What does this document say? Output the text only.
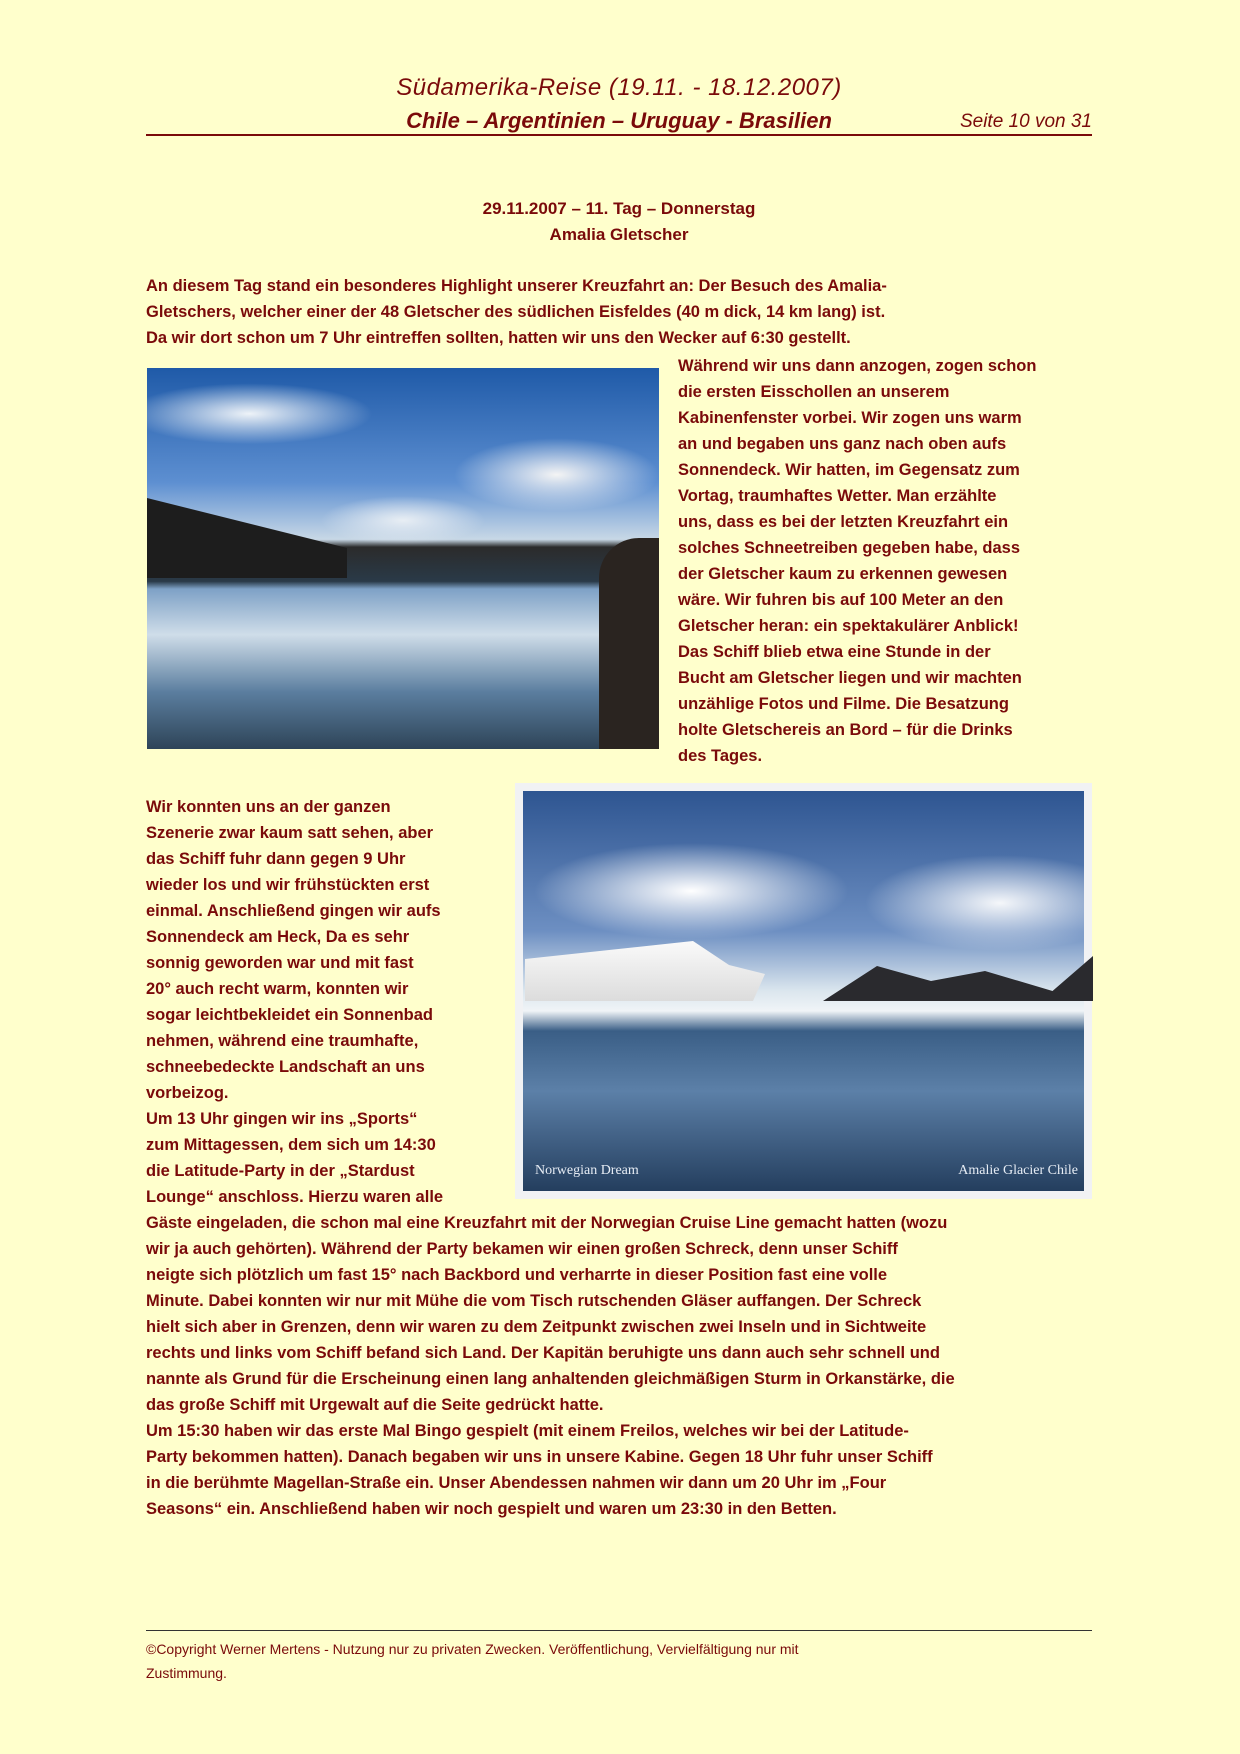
Südamerika-Reise (19.11. - 18.12.2007)
Chile – Argentinien – Uruguay - Brasilien	Seite 10 von 31
29.11.2007 – 11. Tag – Donnerstag
Amalia Gletscher
An diesem Tag stand ein besonderes Highlight unserer Kreuzfahrt an: Der Besuch des Amalia-
Gletschers, welcher einer der 48 Gletscher des südlichen Eisfeldes (40 m dick, 14 km lang) ist.
Da wir dort schon um 7 Uhr eintreffen sollten, hatten wir uns den Wecker auf 6:30 gestellt.
Während wir uns dann anzogen, zogen schon
die ersten Eisschollen an unserem
Kabinenfenster vorbei. Wir zogen uns warm
an und begaben uns ganz nach oben aufs
Sonnendeck. Wir hatten, im Gegensatz zum
Vortag, traumhaftes Wetter. Man erzählte
uns, dass es bei der letzten Kreuzfahrt ein
solches Schneetreiben gegeben habe, dass
der Gletscher kaum zu erkennen gewesen
wäre. Wir fuhren bis auf 100 Meter an den
Gletscher heran: ein spektakulärer Anblick!
Das Schiff blieb etwa eine Stunde in der
Bucht am Gletscher liegen und wir machten
unzählige Fotos und Filme. Die Besatzung
holte Gletschereis an Bord – für die Drinks
des Tages.
Wir konnten uns an der ganzen
Szenerie zwar kaum satt sehen, aber
das Schiff fuhr dann gegen 9 Uhr
wieder los und wir frühstückten erst
einmal. Anschließend gingen wir aufs
Sonnendeck am Heck, Da es sehr
sonnig geworden war und mit fast
20° auch recht warm, konnten wir
sogar leichtbekleidet ein Sonnenbad
nehmen, während eine traumhafte,
schneebedeckte Landschaft an uns
vorbeizog.
Um 13 Uhr gingen wir ins „Sports“
zum Mittagessen, dem sich um 14:30
die Latitude-Party in der „Stardust
Lounge“ anschloss. Hierzu waren alle
Norwegian Dream	Amalie Glacier Chile
Gäste eingeladen, die schon mal eine Kreuzfahrt mit der Norwegian Cruise Line gemacht hatten (wozu
wir ja auch gehörten). Während der Party bekamen wir einen großen Schreck, denn unser Schiff
neigte sich plötzlich um fast 15° nach Backbord und verharrte in dieser Position fast eine volle
Minute. Dabei konnten wir nur mit Mühe die vom Tisch rutschenden Gläser auffangen. Der Schreck
hielt sich aber in Grenzen, denn wir waren zu dem Zeitpunkt zwischen zwei Inseln und in Sichtweite
rechts und links vom Schiff befand sich Land. Der Kapitän beruhigte uns dann auch sehr schnell und
nannte als Grund für die Erscheinung einen lang anhaltenden gleichmäßigen Sturm in Orkanstärke, die
das große Schiff mit Urgewalt auf die Seite gedrückt hatte.
Um 15:30 haben wir das erste Mal Bingo gespielt (mit einem Freilos, welches wir bei der Latitude-
Party bekommen hatten). Danach begaben wir uns in unsere Kabine. Gegen 18 Uhr fuhr unser Schiff
in die berühmte Magellan-Straße ein. Unser Abendessen nahmen wir dann um 20 Uhr im „Four
Seasons“ ein. Anschließend haben wir noch gespielt und waren um 23:30 in den Betten.
©Copyright Werner Mertens - Nutzung nur zu privaten Zwecken. Veröffentlichung, Vervielfältigung nur mit
Zustimmung.
